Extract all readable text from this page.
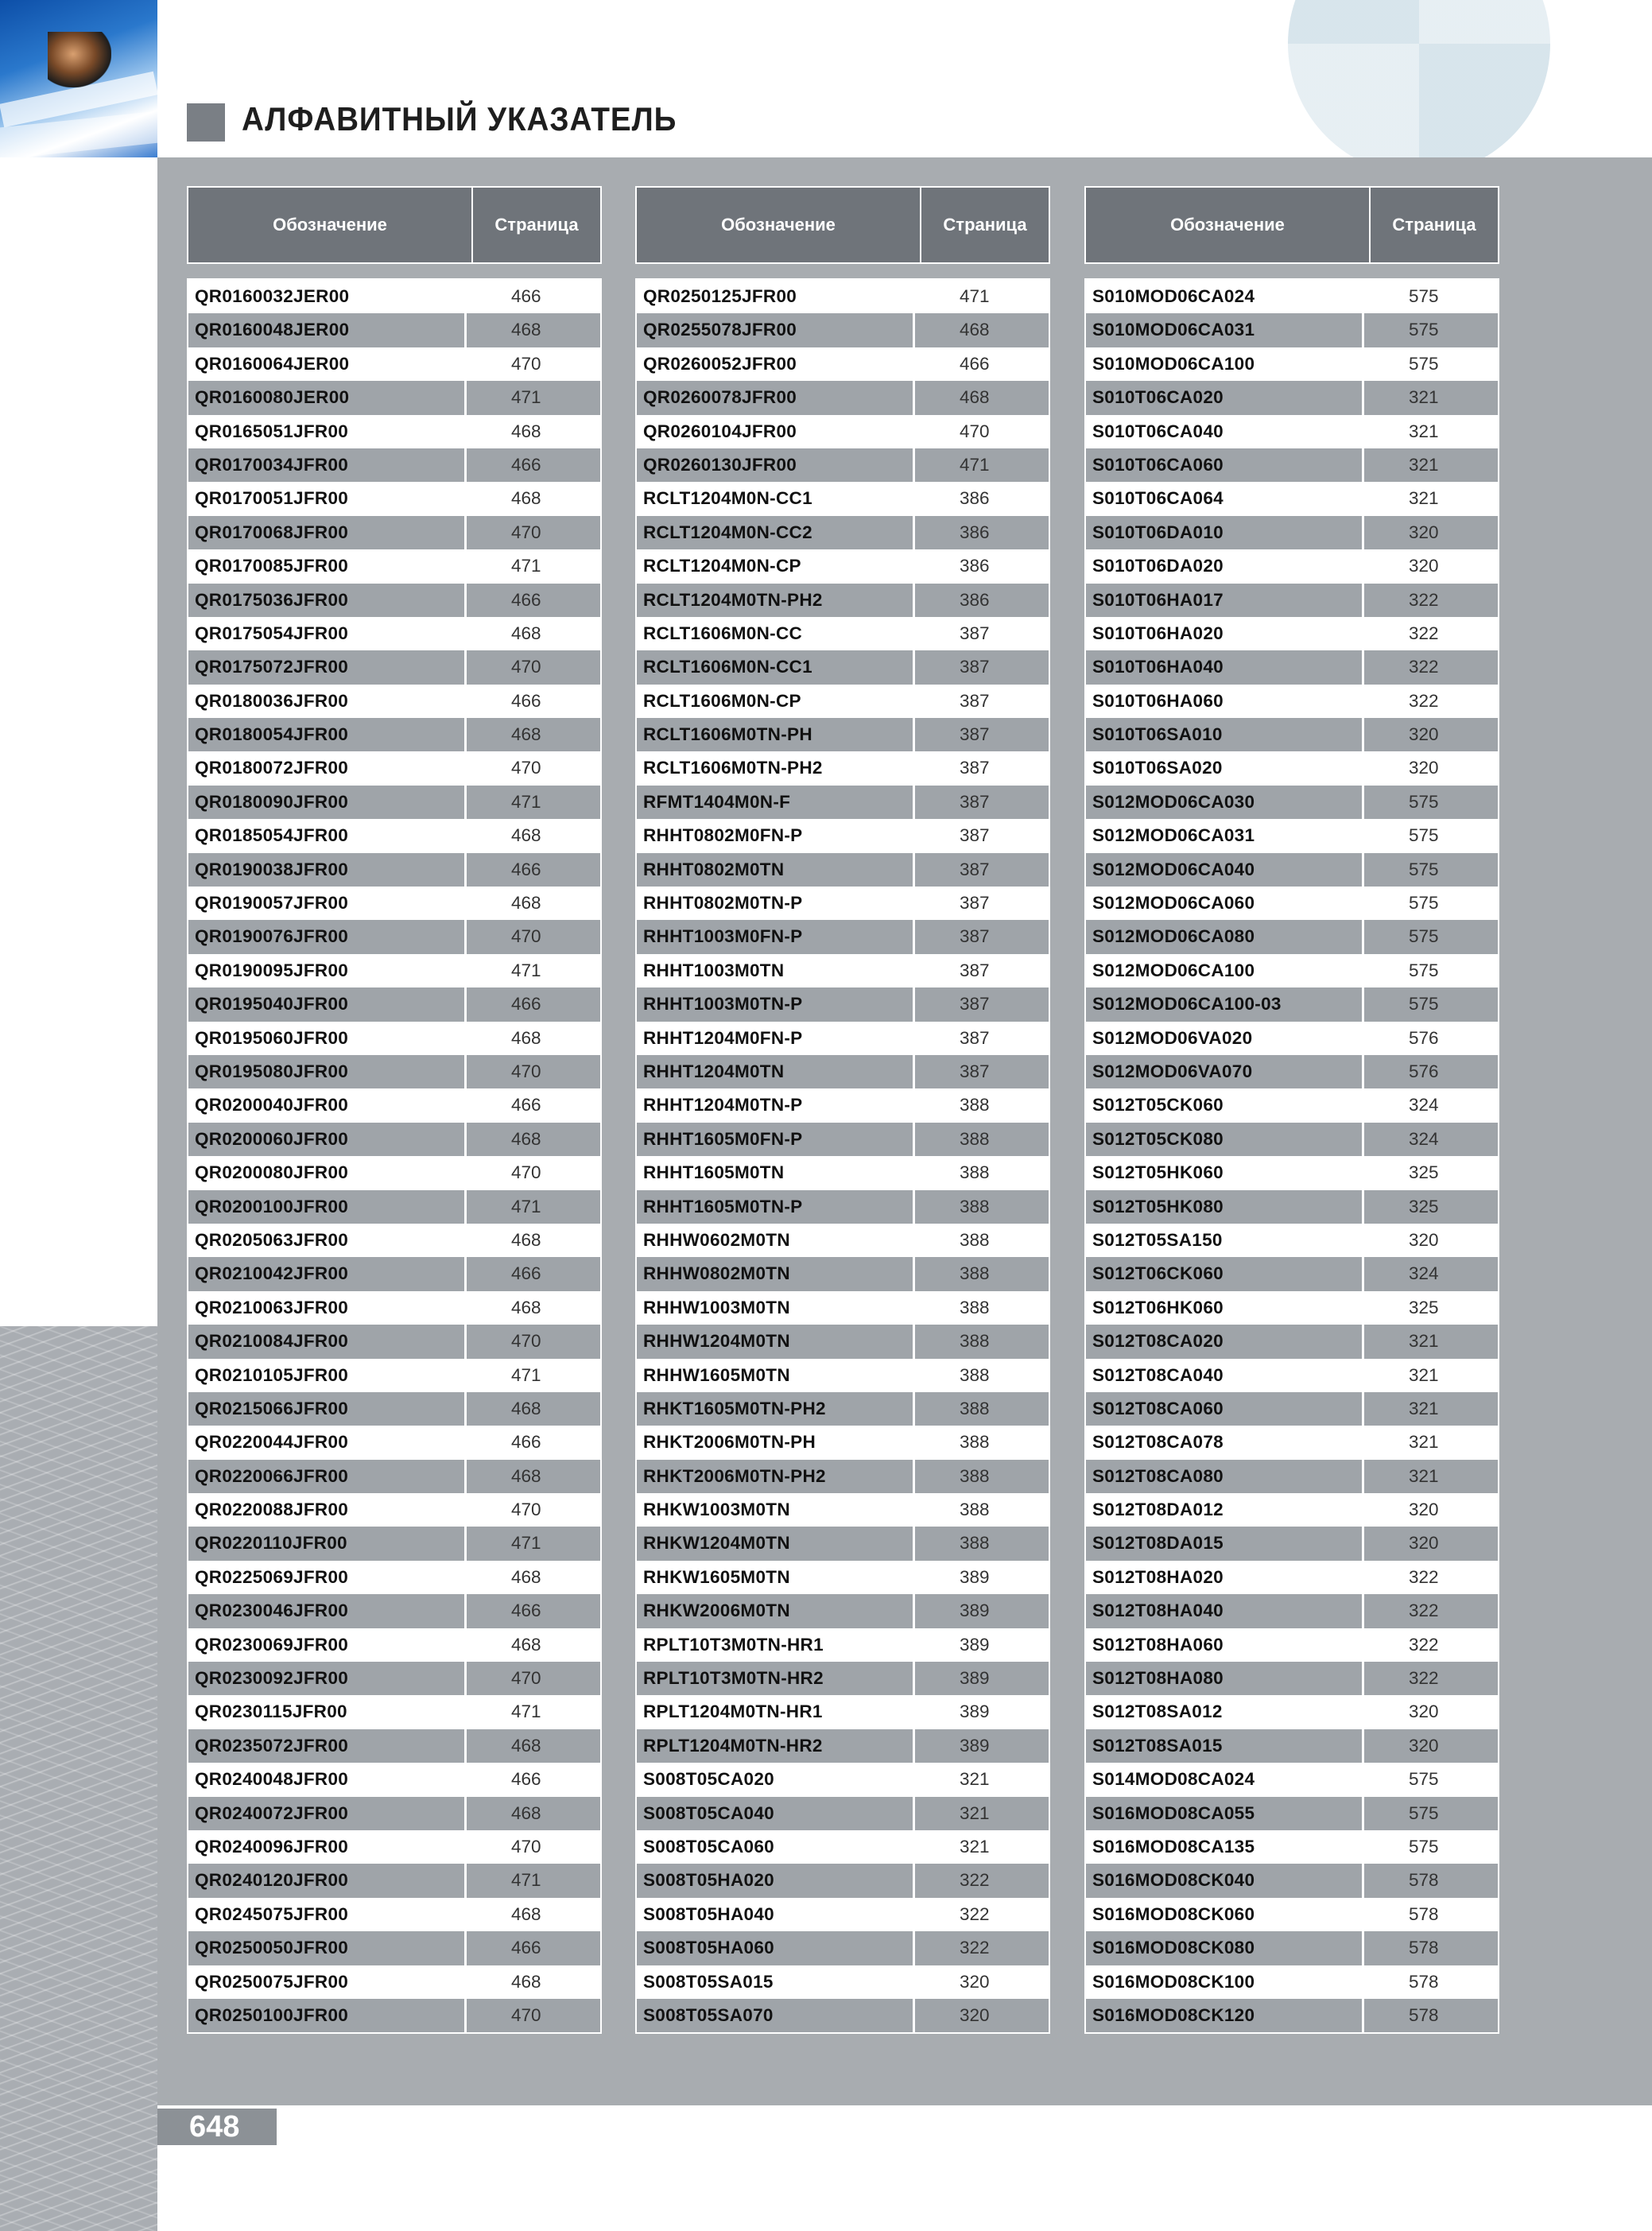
АЛФАВИТНЫЙ УКАЗАТЕЛЬ
648
Обозначение	Страница
QR0160032JER00	466
QR0160048JER00	468
QR0160064JER00	470
QR0160080JER00	471
QR0165051JFR00	468
QR0170034JFR00	466
QR0170051JFR00	468
QR0170068JFR00	470
QR0170085JFR00	471
QR0175036JFR00	466
QR0175054JFR00	468
QR0175072JFR00	470
QR0180036JFR00	466
QR0180054JFR00	468
QR0180072JFR00	470
QR0180090JFR00	471
QR0185054JFR00	468
QR0190038JFR00	466
QR0190057JFR00	468
QR0190076JFR00	470
QR0190095JFR00	471
QR0195040JFR00	466
QR0195060JFR00	468
QR0195080JFR00	470
QR0200040JFR00	466
QR0200060JFR00	468
QR0200080JFR00	470
QR0200100JFR00	471
QR0205063JFR00	468
QR0210042JFR00	466
QR0210063JFR00	468
QR0210084JFR00	470
QR0210105JFR00	471
QR0215066JFR00	468
QR0220044JFR00	466
QR0220066JFR00	468
QR0220088JFR00	470
QR0220110JFR00	471
QR0225069JFR00	468
QR0230046JFR00	466
QR0230069JFR00	468
QR0230092JFR00	470
QR0230115JFR00	471
QR0235072JFR00	468
QR0240048JFR00	466
QR0240072JFR00	468
QR0240096JFR00	470
QR0240120JFR00	471
QR0245075JFR00	468
QR0250050JFR00	466
QR0250075JFR00	468
QR0250100JFR00	470
Обозначение	Страница
QR0250125JFR00	471
QR0255078JFR00	468
QR0260052JFR00	466
QR0260078JFR00	468
QR0260104JFR00	470
QR0260130JFR00	471
RCLT1204M0N-CC1	386
RCLT1204M0N-CC2	386
RCLT1204M0N-CP	386
RCLT1204M0TN-PH2	386
RCLT1606M0N-CC	387
RCLT1606M0N-CC1	387
RCLT1606M0N-CP	387
RCLT1606M0TN-PH	387
RCLT1606M0TN-PH2	387
RFMT1404M0N-F	387
RHHT0802M0FN-P	387
RHHT0802M0TN	387
RHHT0802M0TN-P	387
RHHT1003M0FN-P	387
RHHT1003M0TN	387
RHHT1003M0TN-P	387
RHHT1204M0FN-P	387
RHHT1204M0TN	387
RHHT1204M0TN-P	388
RHHT1605M0FN-P	388
RHHT1605M0TN	388
RHHT1605M0TN-P	388
RHHW0602M0TN	388
RHHW0802M0TN	388
RHHW1003M0TN	388
RHHW1204M0TN	388
RHHW1605M0TN	388
RHKT1605M0TN-PH2	388
RHKT2006M0TN-PH	388
RHKT2006M0TN-PH2	388
RHKW1003M0TN	388
RHKW1204M0TN	388
RHKW1605M0TN	389
RHKW2006M0TN	389
RPLT10T3M0TN-HR1	389
RPLT10T3M0TN-HR2	389
RPLT1204M0TN-HR1	389
RPLT1204M0TN-HR2	389
S008T05CA020	321
S008T05CA040	321
S008T05CA060	321
S008T05HA020	322
S008T05HA040	322
S008T05HA060	322
S008T05SA015	320
S008T05SA070	320
Обозначение	Страница
S010MOD06CA024	575
S010MOD06CA031	575
S010MOD06CA100	575
S010T06CA020	321
S010T06CA040	321
S010T06CA060	321
S010T06CA064	321
S010T06DA010	320
S010T06DA020	320
S010T06HA017	322
S010T06HA020	322
S010T06HA040	322
S010T06HA060	322
S010T06SA010	320
S010T06SA020	320
S012MOD06CA030	575
S012MOD06CA031	575
S012MOD06CA040	575
S012MOD06CA060	575
S012MOD06CA080	575
S012MOD06CA100	575
S012MOD06CA100-03	575
S012MOD06VA020	576
S012MOD06VA070	576
S012T05CK060	324
S012T05CK080	324
S012T05HK060	325
S012T05HK080	325
S012T05SA150	320
S012T06CK060	324
S012T06HK060	325
S012T08CA020	321
S012T08CA040	321
S012T08CA060	321
S012T08CA078	321
S012T08CA080	321
S012T08DA012	320
S012T08DA015	320
S012T08HA020	322
S012T08HA040	322
S012T08HA060	322
S012T08HA080	322
S012T08SA012	320
S012T08SA015	320
S014MOD08CA024	575
S016MOD08CA055	575
S016MOD08CA135	575
S016MOD08CK040	578
S016MOD08CK060	578
S016MOD08CK080	578
S016MOD08CK100	578
S016MOD08CK120	578
